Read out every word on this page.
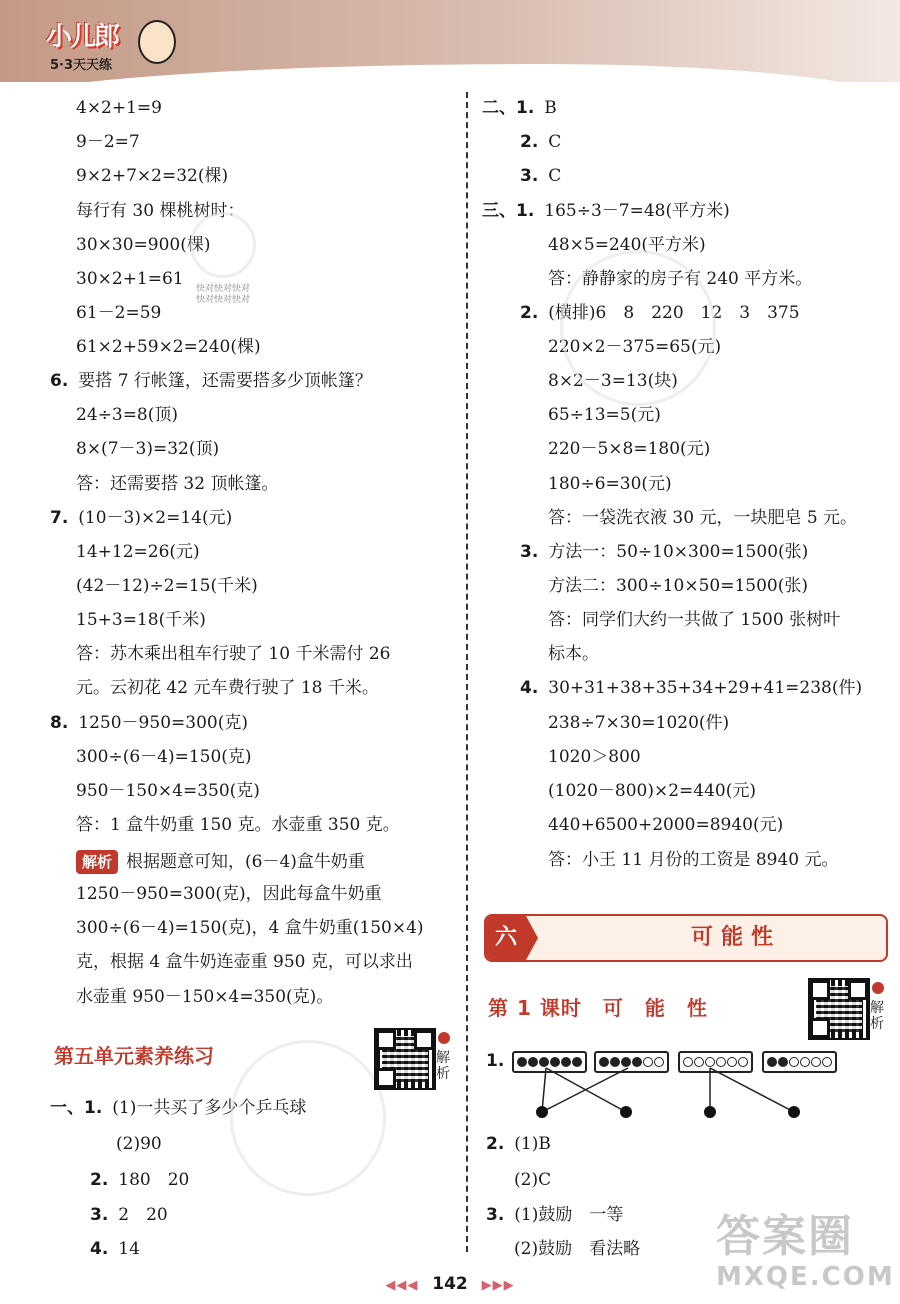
小儿郎
5·3天天练
4×2+1=9
9－2=7
9×2+7×2=32(棵)
每行有 30 棵桃树时：
30×30=900(棵)
30×2+1=61
61－2=59
61×2+59×2=240(棵)
6. 要搭 7 行帐篷，还需要搭多少顶帐篷？
24÷3=8(顶)
8×(7－3)=32(顶)
答：还需要搭 32 顶帐篷。
7. (10－3)×2=14(元)
14+12=26(元)
(42－12)÷2=15(千米)
15+3=18(千米)
答：苏木乘出租车行驶了 10 千米需付 26
元。云初花 42 元车费行驶了 18 千米。
8. 1250－950=300(克)
300÷(6－4)=150(克)
950－150×4=350(克)
答：1 盒牛奶重 150 克。水壶重 350 克。
解析 根据题意可知，(6－4)盒牛奶重
1250－950=300(克)，因此每盒牛奶重
300÷(6－4)=150(克)，4 盒牛奶重(150×4)
克，根据 4 盒牛奶连壶重 950 克，可以求出
水壶重 950－150×4=350(克)。
一、1. (1)一共买了多少个乒乓球
(2)90
2. 180　20
3. 2　20
4. 14
二、1. B
2. C
3. C
三、1. 165÷3－7=48(平方米)
48×5=240(平方米)
答：静静家的房子有 240 平方米。
2. (横排)6　8　220　12　3　375
220×2－375=65(元)
8×2－3=13(块)
65÷13=5(元)
220－5×8=180(元)
180÷6=30(元)
答：一袋洗衣液 30 元，一块肥皂 5 元。
3. 方法一：50÷10×300=1500(张)
方法二：300÷10×50=1500(张)
答：同学们大约一共做了 1500 张树叶
标本。
4. 30+31+38+35+34+29+41=238(件)
238÷7×30=1020(件)
1020＞800
(1020－800)×2=440(元)
440+6500+2000=8940(元)
答：小王 11 月份的工资是 8940 元。
1.
2. (1)B
(2)C
3. (1)鼓励　一等
(2)鼓励　看法略
快对快对快对
快对快对快对
第五单元素养练习	解析
六	可能性
第 1 课时　可　能　性	解析
答案圈
MXQE.COM
◀◀◀ 142 ▶▶▶
